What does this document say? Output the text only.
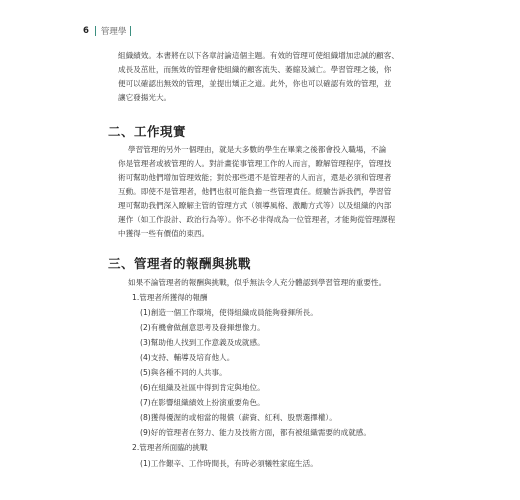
6 管理學
組織績效。本書將在以下各章討論這個主題。有效的管理可使組織增加忠誠的顧客、
成長及茁壯，而無效的管理會使組織的顧客流失、萎縮及滅亡。學習管理之後，你
便可以確認出無效的管理，並提出矯正之道。此外，你也可以確認有效的管理，並
讓它發揚光大。
二、工作現實
學習管理的另外一個理由，就是大多數的學生在畢業之後都會投入職場，不論
你是管理者或被管理的人。對計畫從事管理工作的人而言，瞭解管理程序，管理技
術可幫助他們增加管理效能；對於那些還不是管理者的人而言，還是必須和管理者
互動。即使不是管理者，他們也很可能負擔一些管理責任。經驗告訴我們，學習管
理可幫助我們深入瞭解主管的管理方式（領導風格、激勵方式等）以及組織的內部
運作（如工作設計、政治行為等）。你不必非得成為一位管理者，才能夠從管理課程
中獲得一些有價值的東西。
三、管理者的報酬與挑戰
如果不論管理者的報酬與挑戰，似乎無法令人充分體認到學習管理的重要性。
1.管理者所獲得的報酬
(1)創造一個工作環境，使得組織成員能夠發揮所長。
(2)有機會做創意思考及發揮想像力。
(3)幫助他人找到工作意義及成就感。
(4)支持、輔導及培育他人。
(5)與各種不同的人共事。
(6)在組織及社區中得到肯定與地位。
(7)在影響組織績效上扮演重要角色。
(8)獲得優渥的或相當的報償（薪資、紅利、股票選擇權）。
(9)好的管理者在努力、能力及技術方面，都有被組織需要的成就感。
2.管理者所面臨的挑戰
(1)工作艱辛、工作時間長，有時必須犧牲家庭生活。
